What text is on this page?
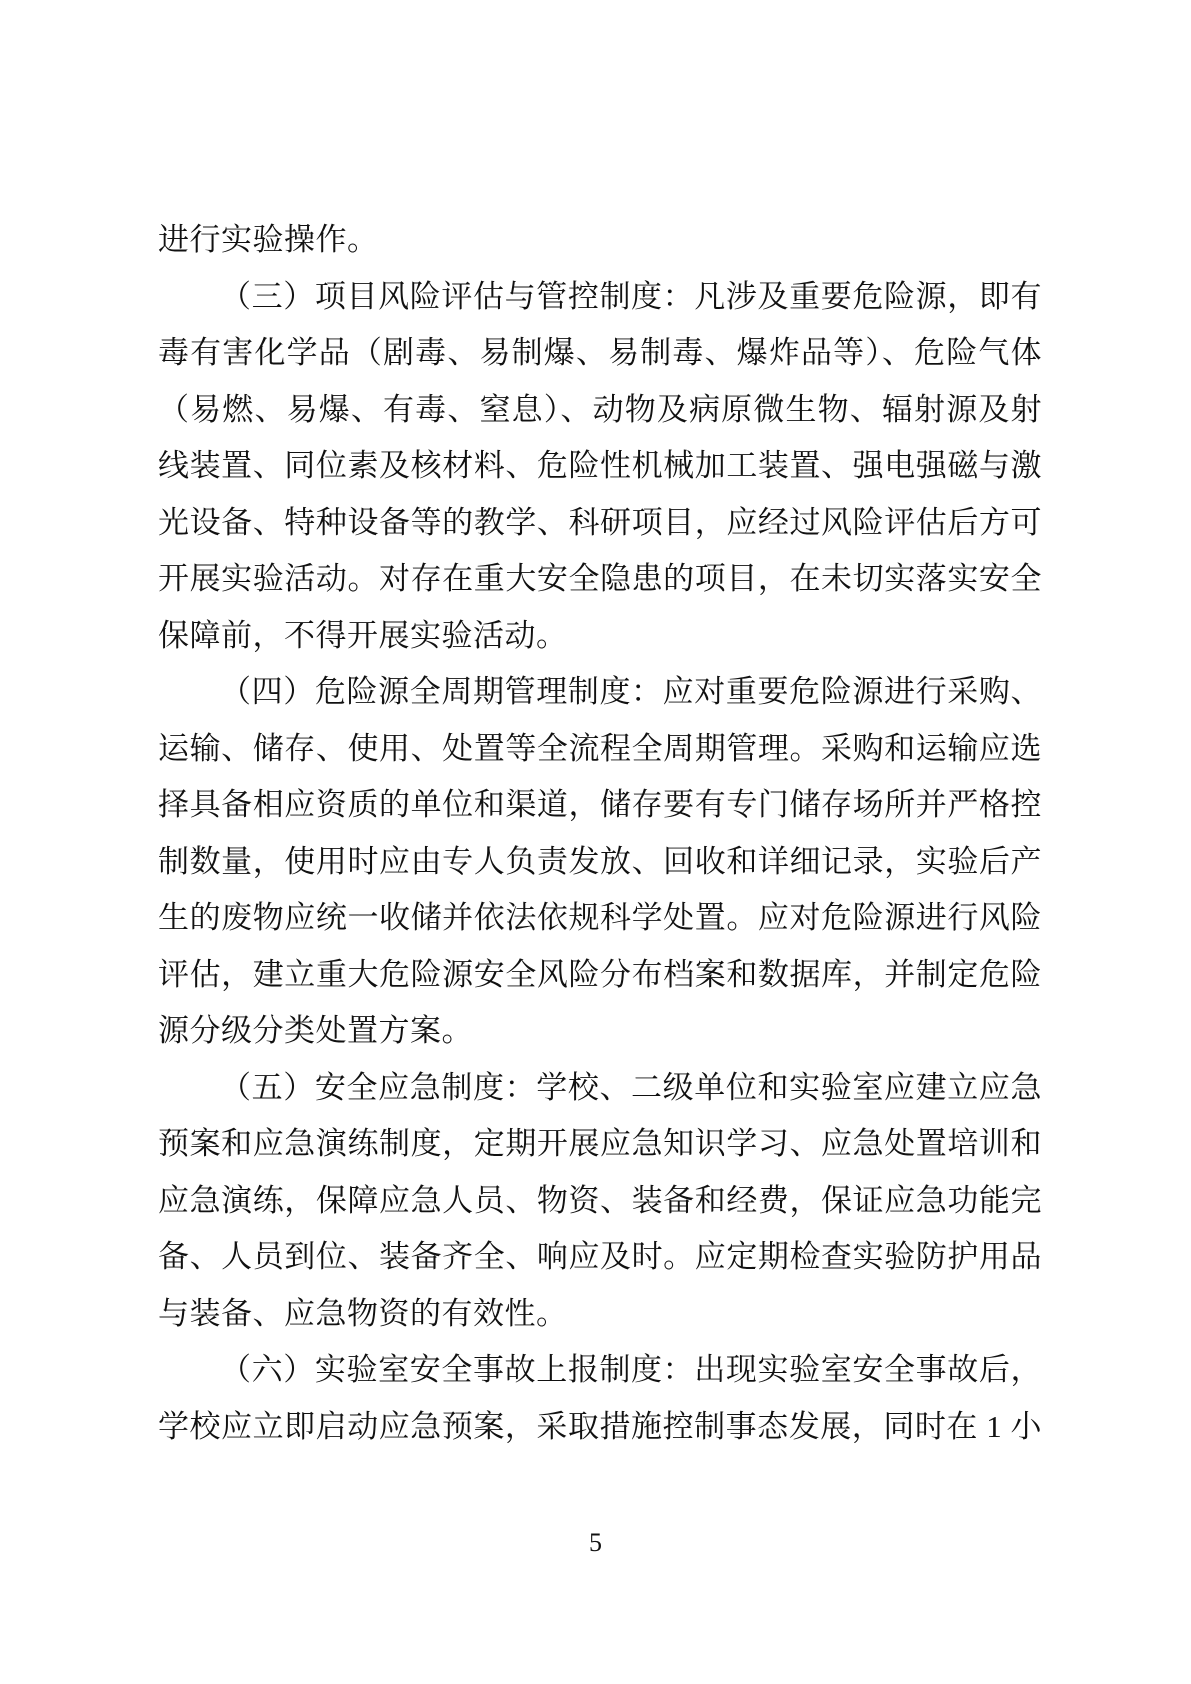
进行实验操作。
（三）项目风险评估与管控制度：凡涉及重要危险源，即有
毒有害化学品（剧毒、易制爆、易制毒、爆炸品等）、危险气体
（易燃、易爆、有毒、窒息）、动物及病原微生物、辐射源及射
线装置、同位素及核材料、危险性机械加工装置、强电强磁与激
光设备、特种设备等的教学、科研项目，应经过风险评估后方可
开展实验活动。对存在重大安全隐患的项目，在未切实落实安全
保障前，不得开展实验活动。
（四）危险源全周期管理制度：应对重要危险源进行采购、
运输、储存、使用、处置等全流程全周期管理。采购和运输应选
择具备相应资质的单位和渠道，储存要有专门储存场所并严格控
制数量，使用时应由专人负责发放、回收和详细记录，实验后产
生的废物应统一收储并依法依规科学处置。应对危险源进行风险
评估，建立重大危险源安全风险分布档案和数据库，并制定危险
源分级分类处置方案。
（五）安全应急制度：学校、二级单位和实验室应建立应急
预案和应急演练制度，定期开展应急知识学习、应急处置培训和
应急演练，保障应急人员、物资、装备和经费，保证应急功能完
备、人员到位、装备齐全、响应及时。应定期检查实验防护用品
与装备、应急物资的有效性。
（六）实验室安全事故上报制度：出现实验室安全事故后，
学校应立即启动应急预案，采取措施控制事态发展，同时在 1 小
5
